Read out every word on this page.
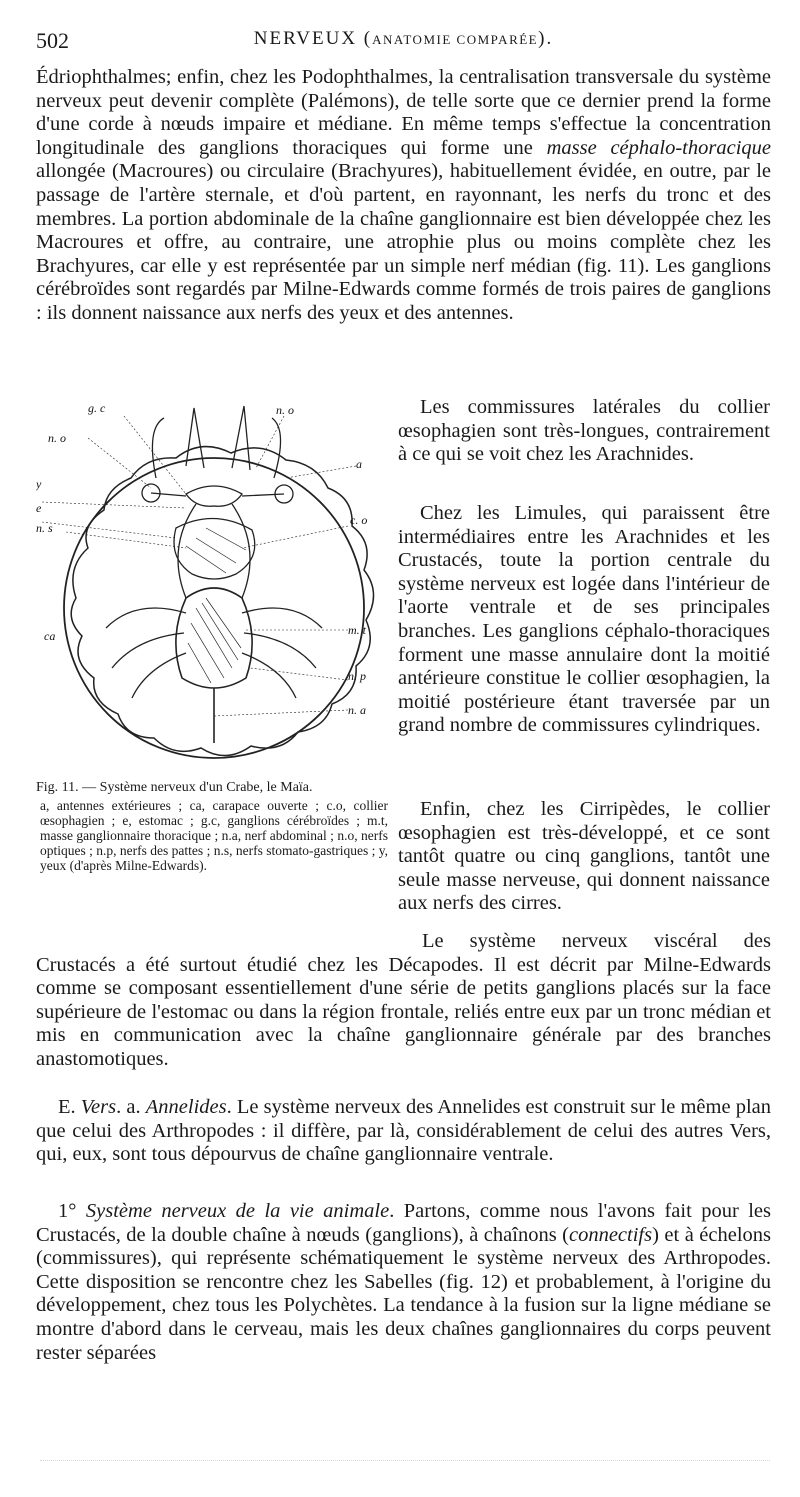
502	NERVEUX (ANATOMIE COMPARÉE).

Édriophthalmes; enfin, chez les Podophthalmes, la centralisation transversale du système nerveux peut devenir complète (Palémons), de telle sorte que ce dernier prend la forme d'une corde à nœuds impaire et médiane. En même temps s'effectue la concentration longitudinale des ganglions thoraciques qui forme une masse céphalo-thoracique allongée (Macroures) ou circulaire (Brachyures), habituellement évidée, en outre, par le passage de l'artère sternale, et d'où partent, en rayonnant, les nerfs du tronc et des membres. La portion abdominale de la chaîne ganglionnaire est bien développée chez les Macroures et offre, au contraire, une atrophie plus ou moins complète chez les Brachyures, car elle y est représentée par un simple nerf médian (fig. 11). Les ganglions cérébroïdes sont regardés par Milne-Edwards comme formés de trois paires de ganglions : ils donnent naissance aux nerfs des yeux et des antennes.

g. c	n. o
n. o
a
y
e
n. s
c. o
ca	m. t
n. p
n. a
Fig. 11. — Système nerveux d'un Crabe, le Maïa.
a, antennes extérieures ; ca, carapace ouverte ; c.o, collier œsophagien ; e, estomac ; g.c, ganglions cérébroïdes ; m.t, masse ganglionnaire thoracique ; n.a, nerf abdominal ; n.o, nerfs optiques ; n.p, nerfs des pattes ; n.s, nerfs stomato-gastriques ; y, yeux (d'après Milne-Edwards).

Les commissures latérales du collier œsophagien sont très-longues, contrairement à ce qui se voit chez les Arachnides.

Chez les Limules, qui paraissent être intermédiaires entre les Arachnides et les Crustacés, toute la portion centrale du système nerveux est logée dans l'intérieur de l'aorte ventrale et de ses principales branches. Les ganglions céphalo-thoraciques forment une masse annulaire dont la moitié antérieure constitue le collier œsophagien, la moitié postérieure étant traversée par un grand nombre de commissures cylindriques.

Enfin, chez les Cirripèdes, le collier œsophagien est très-développé, et ce sont tantôt quatre ou cinq ganglions, tantôt une seule masse nerveuse, qui donnent naissance aux nerfs des cirres.

Le système nerveux viscéral des Crustacés a été surtout étudié chez les Décapodes. Il est décrit par Milne-Edwards comme se composant essentiellement d'une série de petits ganglions placés sur la face supérieure de l'estomac ou dans la région frontale, reliés entre eux par un tronc médian et mis en communication avec la chaîne ganglionnaire générale par des branches anastomotiques.

E. Vers. a. Annelides. Le système nerveux des Annelides est construit sur le même plan que celui des Arthropodes : il diffère, par là, considérablement de celui des autres Vers, qui, eux, sont tous dépourvus de chaîne ganglionnaire ventrale.

1° Système nerveux de la vie animale. Partons, comme nous l'avons fait pour les Crustacés, de la double chaîne à nœuds (ganglions), à chaînons (connectifs) et à échelons (commissures), qui représente schématiquement le système nerveux des Arthropodes. Cette disposition se rencontre chez les Sabelles (fig. 12) et probablement, à l'origine du développement, chez tous les Polychètes. La tendance à la fusion sur la ligne médiane se montre d'abord dans le cerveau, mais les deux chaînes ganglionnaires du corps peuvent rester séparées
